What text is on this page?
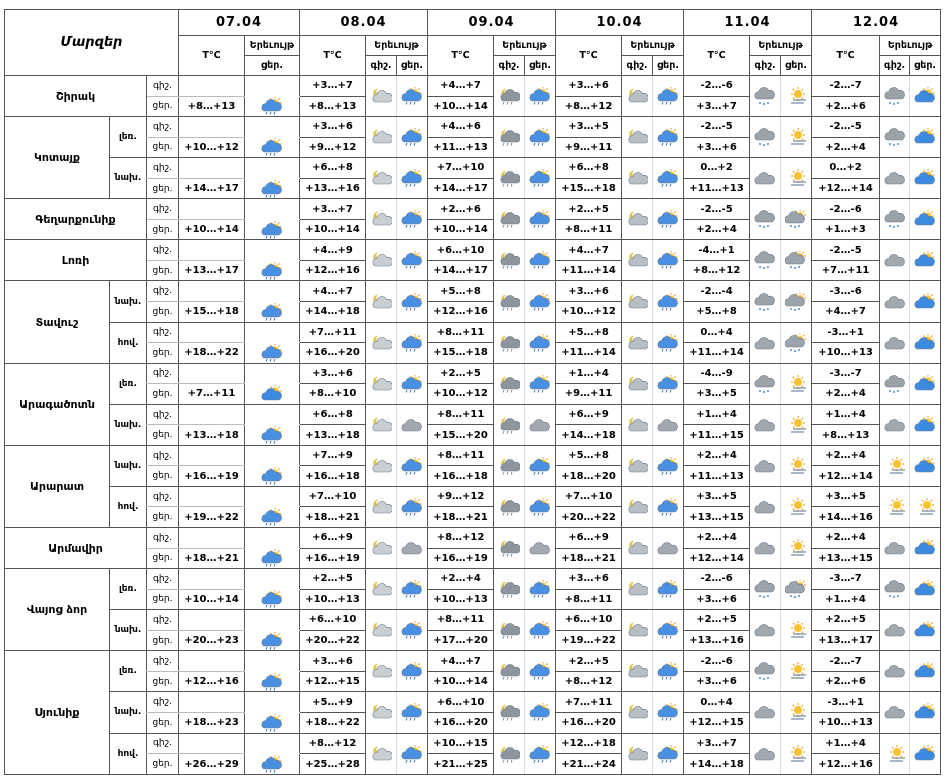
Մարզեր			07.04		08.04			09.04			10.04			11.04			12.04		
			T°C	Երեւույթ	T°C	Երեւույթ		T°C	Երեւույթ		T°C	Երեւույթ		T°C	Երեւույթ		T°C	Երեւույթ	
				ցեր.		գիշ.	ցեր.		գիշ.	ցեր.		գիշ.	ցեր.		գիշ.	ցեր.		գիշ.	ցեր.
Շիրակ		գիշ.			+3…+7			+4…+7			+3…+6			-2…-6			-2…-7	

		ցեր.	+8…+13		+8…+13			+10…+14			+8…+12			+3…+7			+2…+6		
Կոտայք	լեռ.	գիշ.			+3…+6			+4…+6			+3…+5			-2…-5			-2…-5	

		ցեր.	+10…+12		+9…+12			+11…+13			+9…+11			+3…+6			+2…+4		
	նախ.	գիշ.			+6…+8			+7…+10			+6…+8			0…+2			0…+2	

		ցեր.	+14…+17		+13…+16			+14…+17			+15…+18			+11…+13			+12…+14		
Գեղարքունիք		գիշ.			+3…+7			+2…+6			+2…+5			-2…-5			-2…-6	

		ցեր.	+10…+14		+10…+14			+10…+14			+8…+11			+2…+4			+1…+3		
Լոռի		գիշ.			+4…+9			+6…+10			+4…+7			-4…+1			-2…-5	

		ցեր.	+13…+17		+12…+16			+14…+17			+11…+14			+8…+12			+7…+11		
Տավուշ	նախ.	գիշ.			+4…+7			+5…+8			+3…+6			-2…-4			-3…-6	

		ցեր.	+15…+18		+14…+18			+12…+16			+10…+12			+5…+8			+4…+7		
	հով.	գիշ.			+7…+11			+8…+11			+5…+8			0…+4			-3…+1	

		ցեր.	+18…+22		+16…+20			+15…+18			+11…+14			+11…+14			+10…+13		
Արագածոտն	լեռ.	գիշ.			+3…+6			+2…+5			+1…+4			-4…-9			-3…-7	

		ցեր.	+7…+11		+8…+10			+10…+12			+9…+11			+3…+5			+2…+4		
	նախ.	գիշ.			+6…+8			+8…+11			+6…+9			+1…+4			+1…+4	

		ցեր.	+13…+18		+13…+18			+15…+20			+14…+18			+11…+15			+8…+13		
Արարատ	նախ.	գիշ.			+7…+9			+8…+11			+5…+8			+2…+4			+2…+4	

		ցեր.	+16…+19		+16…+18			+16…+18			+18…+20			+11…+13			+12…+14		
	հով.	գիշ.			+7…+10			+9…+12			+7…+10			+3…+5			+3…+5	

		ցեր.	+19…+22		+18…+21			+18…+21			+20…+22			+13…+15			+14…+16		
Արմավիր		գիշ.			+6…+9			+8…+12			+6…+9			+2…+4			+2…+4	

		ցեր.	+18…+21		+16…+19			+16…+19			+18…+21			+12…+14			+13…+15		
Վայոց ձոր	լեռ.	գիշ.			+2…+5			+2…+4			+3…+6			-2…-6			-3…-7	

		ցեր.	+10…+14		+10…+13			+10…+13			+8…+11			+3…+6			+1…+4		
	նախ.	գիշ.			+6…+10			+8…+11			+6…+10			+2…+5			+2…+5	

		ցեր.	+20…+23		+20…+22			+17…+20			+19…+22			+13…+16			+13…+17		
Սյունիք	լեռ.	գիշ.			+3…+6			+4…+7			+2…+5			-2…-6			-2…-7	

		ցեր.	+12…+16		+12…+15			+10…+14			+8…+12			+3…+6			+2…+6		
	նախ.	գիշ.			+5…+9			+6…+10			+7…+11			0…+4			-3…+1	

		ցեր.	+18…+23		+18…+22			+16…+20			+16…+20			+12…+15			+10…+13		
	հով.	գիշ.			+8…+12			+10…+15			+12…+18			+3…+7			+1…+4	

		ցեր.	+26…+29		+25…+28			+21…+25			+21…+24			+14…+18			+12…+16		
